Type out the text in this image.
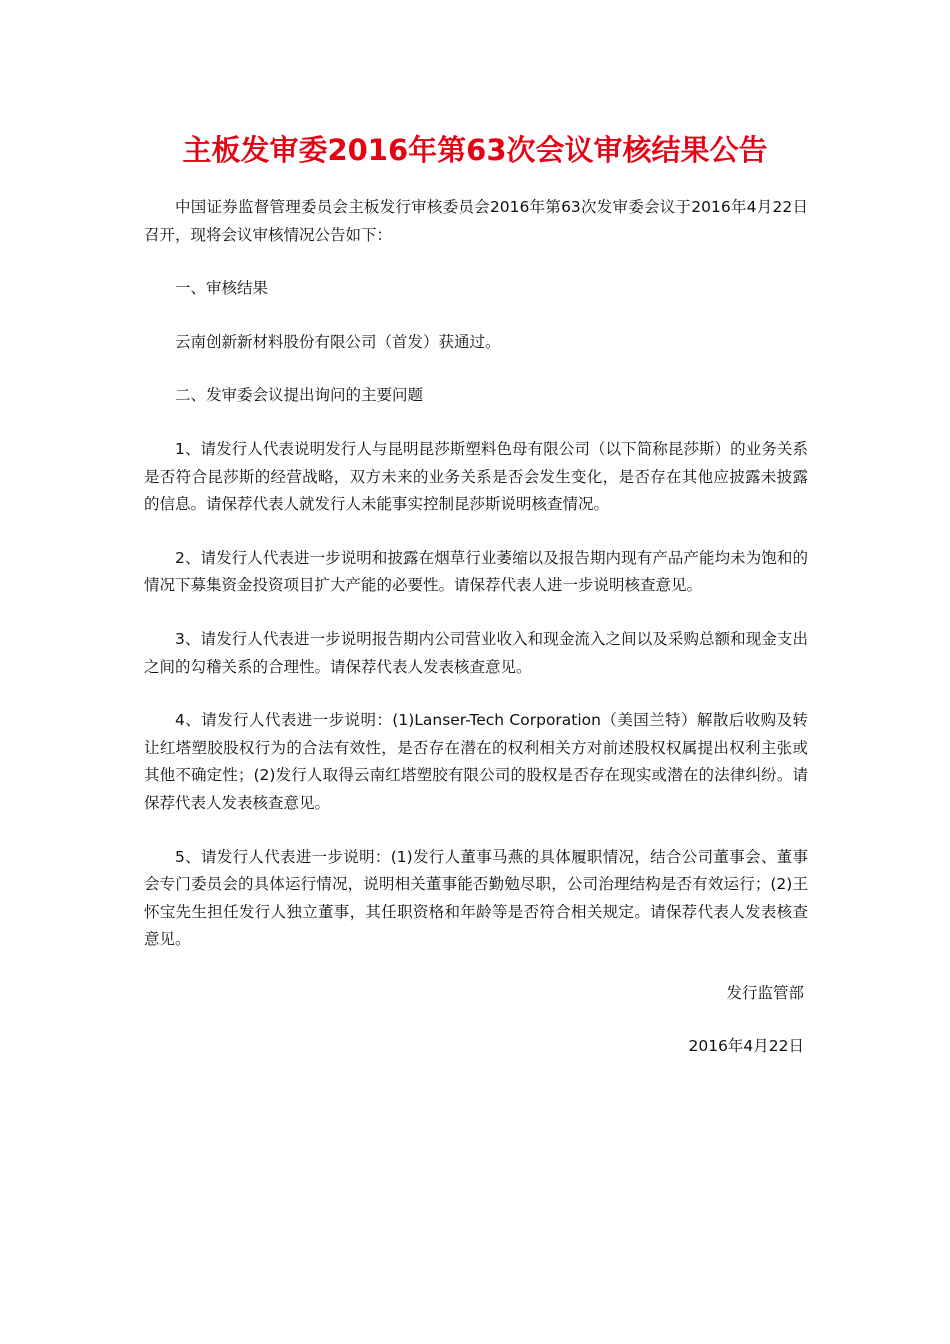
主板发审委2016年第63次会议审核结果公告

中国证券监督管理委员会主板发行审核委员会2016年第63次发审委会议于2016年4月22日召开，现将会议审核情况公告如下：

一、审核结果

云南创新新材料股份有限公司（首发）获通过。

二、发审委会议提出询问的主要问题

1、请发行人代表说明发行人与昆明昆莎斯塑料色母有限公司（以下简称昆莎斯）的业务关系是否符合昆莎斯的经营战略，双方未来的业务关系是否会发生变化，是否存在其他应披露未披露的信息。请保荐代表人就发行人未能事实控制昆莎斯说明核查情况。

2、请发行人代表进一步说明和披露在烟草行业萎缩以及报告期内现有产品产能均未为饱和的情况下募集资金投资项目扩大产能的必要性。请保荐代表人进一步说明核查意见。

3、请发行人代表进一步说明报告期内公司营业收入和现金流入之间以及采购总额和现金支出之间的勾稽关系的合理性。请保荐代表人发表核查意见。

4、请发行人代表进一步说明：(1)Lanser-Tech Corporation（美国兰特）解散后收购及转让红塔塑胶股权行为的合法有效性，是否存在潜在的权利相关方对前述股权权属提出权利主张或其他不确定性；(2)发行人取得云南红塔塑胶有限公司的股权是否存在现实或潜在的法律纠纷。请保荐代表人发表核查意见。

5、请发行人代表进一步说明：(1)发行人董事马燕的具体履职情况，结合公司董事会、董事会专门委员会的具体运行情况，说明相关董事能否勤勉尽职，公司治理结构是否有效运行；(2)王怀宝先生担任发行人独立董事，其任职资格和年龄等是否符合相关规定。请保荐代表人发表核查意见。

发行监管部

2016年4月22日
